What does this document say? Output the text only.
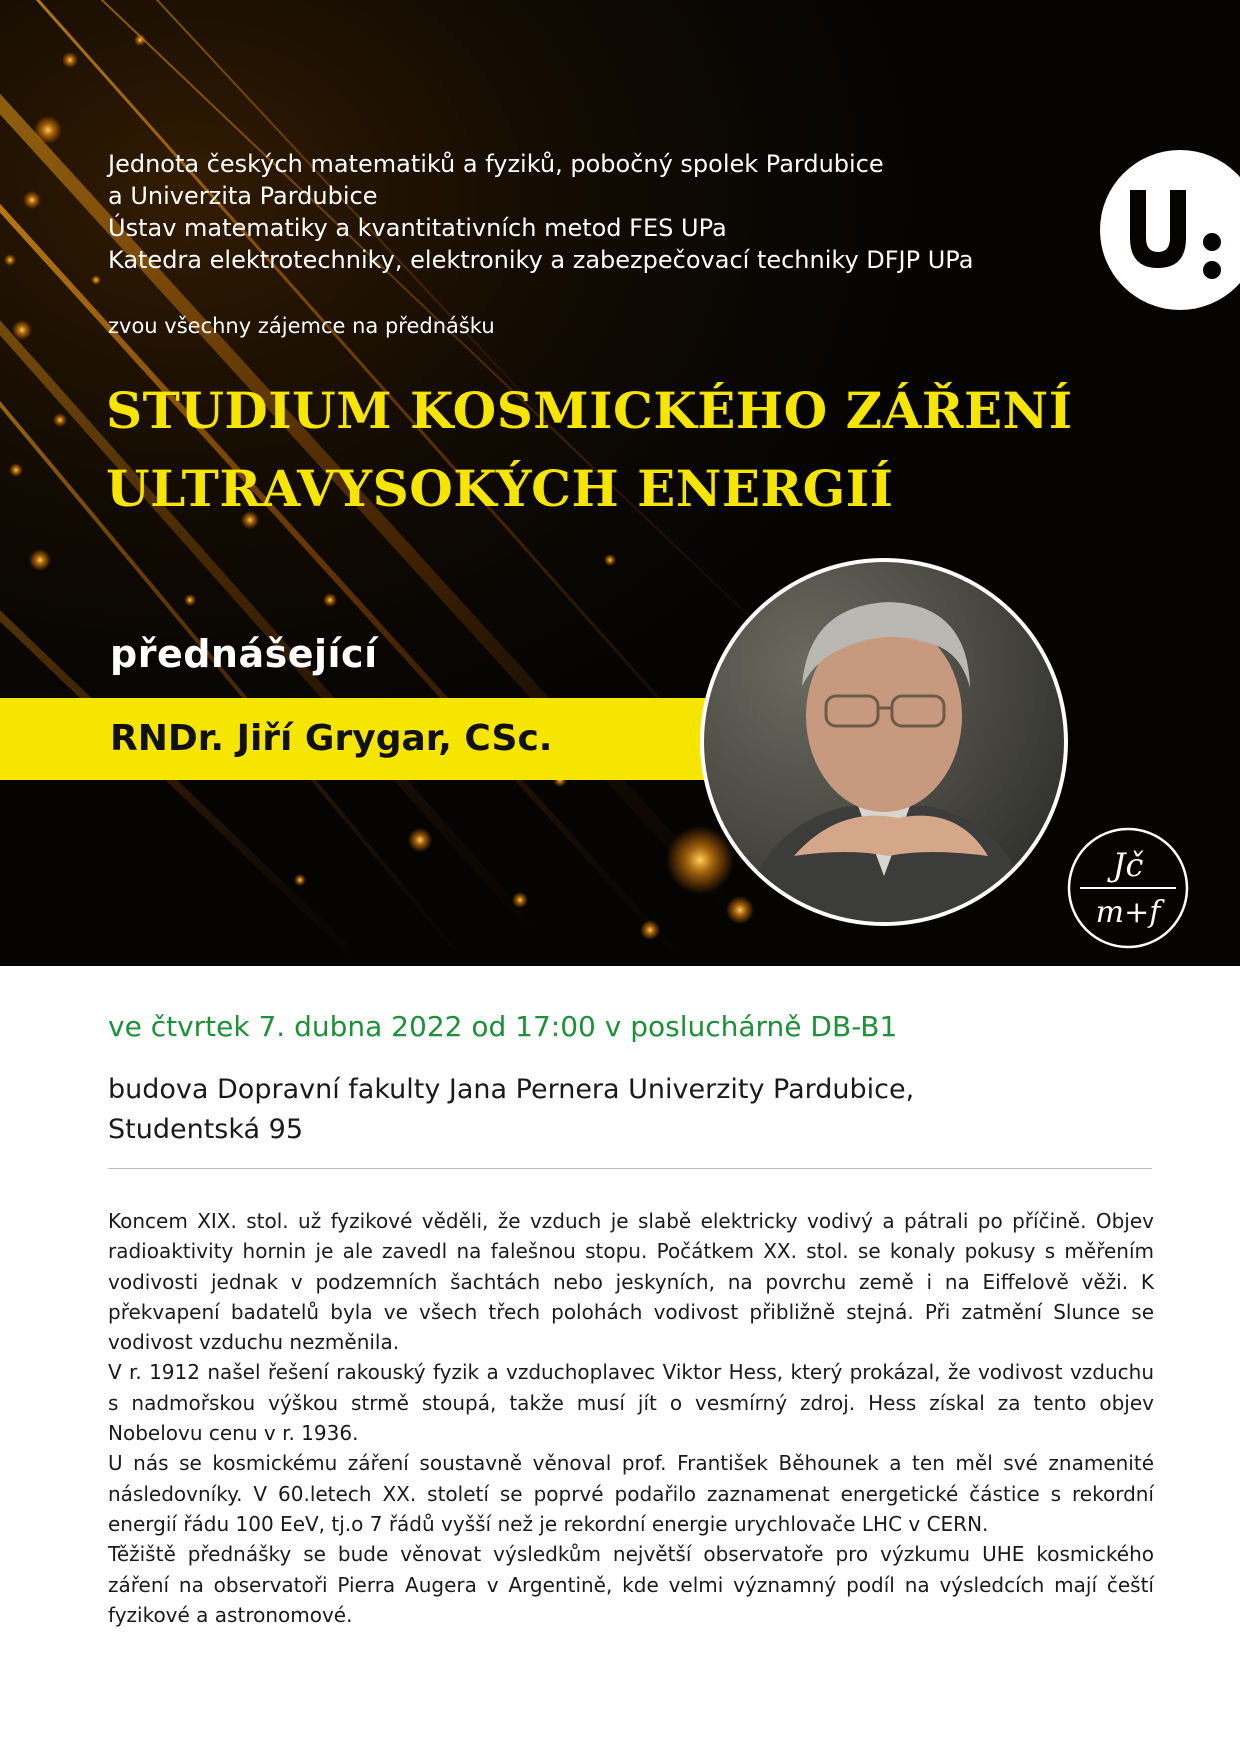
Jednota českých matematiků a fyziků, pobočný spolek Pardubice
a Univerzita Pardubice
Ústav matematiky a kvantitativních metod FES UPa
Katedra elektrotechniky, elektroniky a zabezpečovací techniky DFJP UPa
zvou všechny zájemce na přednášku
STUDIUM KOSMICKÉHO ZÁŘENÍ
ULTRAVYSOKÝCH ENERGIÍ
přednášející
RNDr. Jiří Grygar, CSc.
Jč
m+f
ve čtvrtek 7. dubna 2022 od 17:00 v posluchárně DB-B1
budova Dopravní fakulty Jana Pernera Univerzity Pardubice,
Studentská 95

Koncem XIX. stol. už fyzikové věděli, že vzduch je slabě elektricky vodivý a pátrali po příčině. Objev radioaktivity hornin je ale zavedl na falešnou stopu. Počátkem XX. stol. se konaly pokusy s měřením vodivosti jednak v podzemních šachtách nebo jeskyních, na povrchu země i na Eiffelově věži. K překvapení badatelů byla ve všech třech polohách vodivost přibližně stejná. Při zatmění Slunce se vodivost vzduchu nezměnila.

V r. 1912 našel řešení rakouský fyzik a vzduchoplavec Viktor Hess, který prokázal, že vodivost vzduchu s nadmořskou výškou strmě stoupá, takže musí jít o vesmírný zdroj. Hess získal za tento objev Nobelovu cenu v r. 1936.

U nás se kosmickému záření soustavně věnoval prof. František Běhounek a ten měl své znamenité následovníky. V 60.letech XX. století se poprvé podařilo zaznamenat energetické částice s rekordní energií řádu 100 EeV, tj.o 7 řádů vyšší než je rekordní energie urychlovače LHC v CERN.

Těžiště přednášky se bude věnovat výsledkům největší observatoře pro výzkumu UHE kosmického záření na observatoři Pierra Augera v Argentině, kde velmi významný podíl na výsledcích mají čeští fyzikové a astronomové.
